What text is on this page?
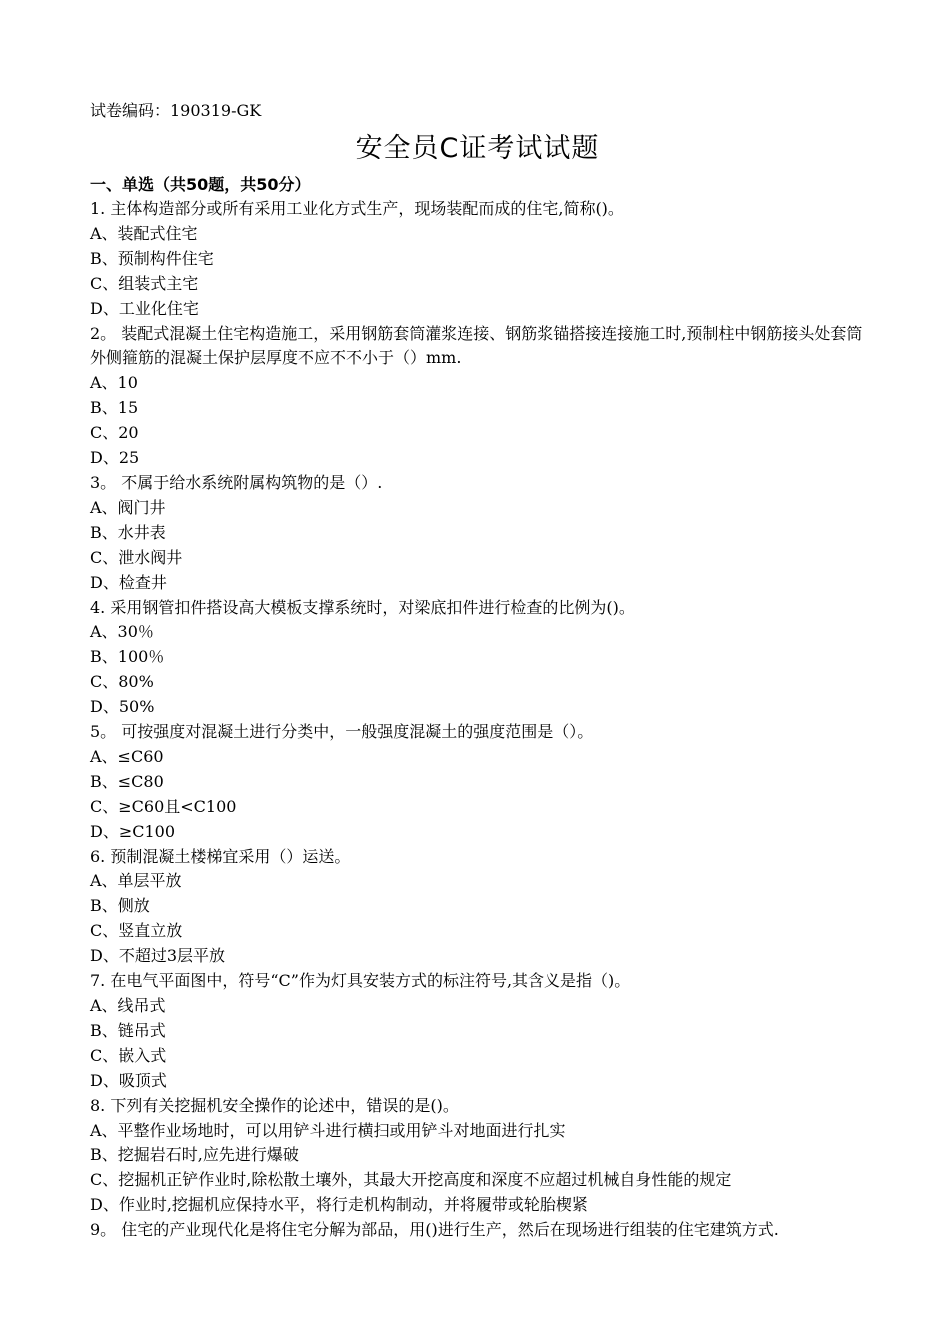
试卷编码：190319-GK
安全员C证考试试题
一、单选（共50题，共50分）
1. 主体构造部分或所有采用工业化方式生产，现场装配而成的住宅,简称()。
A、装配式住宅
B、预制构件住宅
C、组装式主宅
D、工业化住宅
2。 装配式混凝土住宅构造施工，采用钢筋套筒灌浆连接、钢筋浆锚搭接连接施工时,预制柱中钢筋接头处套筒外侧箍筋的混凝土保护层厚度不应不不小于（）mm.
A、10
B、15
C、20
D、25
3。 不属于给水系统附属构筑物的是（）.
A、阀门井
B、水井表
C、泄水阀井
D、检查井
4. 采用钢管扣件搭设高大模板支撑系统时，对梁底扣件进行检查的比例为()。
A、30％
B、100％
C、80%
D、50%
5。 可按强度对混凝土进行分类中，一般强度混凝土的强度范围是（）。
A、≤C60
B、≤C80
C、≥C60且<C100
D、≥C100
6. 预制混凝土楼梯宜采用（）运送。
A、单层平放
B、侧放
C、竖直立放
D、不超过3层平放
7. 在电气平面图中，符号“C”作为灯具安装方式的标注符号,其含义是指（)。
A、线吊式
B、链吊式
C、嵌入式
D、吸顶式
8. 下列有关挖掘机安全操作的论述中，错误的是()。
A、平整作业场地时，可以用铲斗进行横扫或用铲斗对地面进行扎实
B、挖掘岩石时,应先进行爆破
C、挖掘机正铲作业时,除松散土壤外，其最大开挖高度和深度不应超过机械自身性能的规定
D、作业时,挖掘机应保持水平，将行走机构制动，并将履带或轮胎楔紧
9。 住宅的产业现代化是将住宅分解为部品，用()进行生产，然后在现场进行组装的住宅建筑方式.
